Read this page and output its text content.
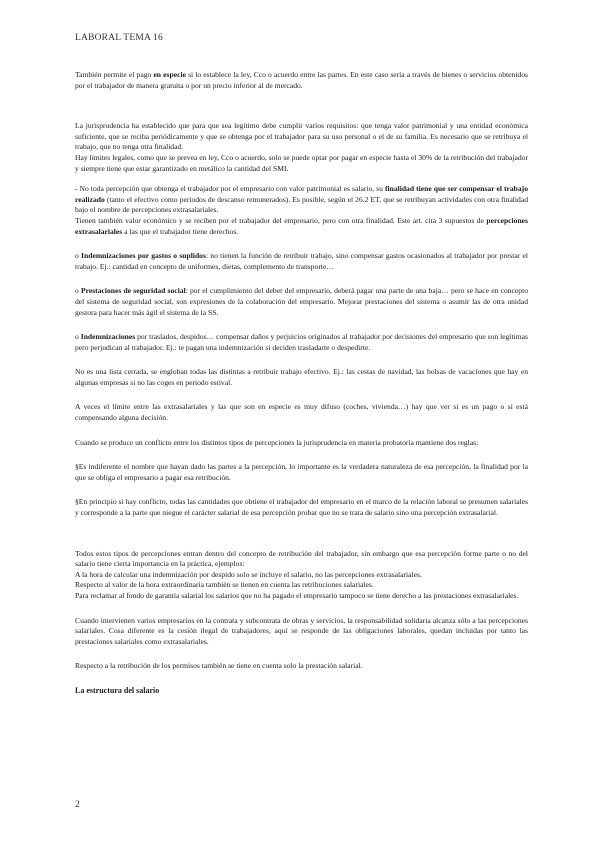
LABORAL TEMA 16

También permite el pago en especie si lo establece la ley, Cco o acuerdo entre las partes. En este caso sería a través de bienes o servicios obtenidos por el trabajador de manera gratuita o por un precio inferior al de mercado.

La jurisprudencia ha establecido que para que sea legítimo debe cumplir varios requisitos: que tenga valor patrimonial y una entidad económica suficiente, que se reciba periódicamente y que se obtenga por el trabajador para su uso personal o el de su familia. Es necesario que se retribuya el trabajo, que no tenga otra finalidad.

Hay límites legales, como que se prevea en ley, Cco o acuerdo, solo se puede optar por pagar en especie hasta el 30% de la retribución del trabajador y siempre tiene que estar garantizado en metálico la cantidad del SMI.

- No toda percepción que obtenga el trabajador por el empresario con valor patrimonial es salario, su finalidad tiene que ser compensar el trabajo realizado (tanto el efectivo como periodos de descanso remunerados). Es posible, según el 26.2 ET, que se retribuyan actividades con otra finalidad bajo el nombre de percepciones extrasalariales.

Tienen también valor económico y se reciben por el trabajador del empresario, pero con otra finalidad. Este art. cita 3 supuestos de percepciones extrasalariales a las que el trabajador tiene derechos.

o Indemnizaciones por gastos o suplidos: no tienen la función de retribuir trabajo, sino compensar gastos ocasionados al trabajador por prestar el trabajo. Ej.: cantidad en concepto de uniformes, dietas, complemento de transporte…

o Prestaciones de seguridad social: por el cumplimiento del deber del empresario, deberá pagar una parte de una baja… pero se hace en concepto del sistema de seguridad social, son expresiones de la colaboración del empresario. Mejorar prestaciones del sistema o asumir las de otra unidad gestora para hacer más ágil el sistema de la SS.

o Indemnizaciones por traslados, despidos… compensar daños y perjuicios originados al trabajador por decisiones del empresario que son legítimas pero perjudican al trabajador. Ej.: te pagan una indemnización si deciden trasladarte o despedirte.

No es una lista cerrada, se engloban todas las distintas a retribuir trabajo efectivo. Ej.: las cestas de navidad, las bolsas de vacaciones que hay en algunas empresas si no las coges en periodo estival.

A veces el límite entre las extrasalariales y las que son en especie es muy difuso (coches, vivienda…) hay que ver si es un pago o si está compensando alguna decisión.

Cuando se produce un conflicto entre los distintos tipos de percepciones la jurisprudencia en materia probatoria mantiene dos reglas:

§Es indiferente el nombre que hayan dado las partes a la percepción, lo importante es la verdadera naturaleza de esa percepción, la finalidad por la que se obliga el empresario a pagar esa retribución.

§En principio si hay conflicto, todas las cantidades que obtiene el trabajador del empresario en el marco de la relación laboral se presumen salariales y corresponde a la parte que niegue el carácter salarial de esa percepción probar que no se trata de salario sino una percepción extrasalarial.

Todos estos tipos de percepciones entran dentro del concepto de retribución del trabajador, sin embargo que esa percepción forme parte o no del salario tiene cierta importancia en la práctica, ejemplos:

A la hora de calcular una indemnización por despido solo se incluye el salario, no las percepciones extrasalariales.

Respecto al valor de la hora extraordinaria también se tienen en cuenta las retribuciones salariales.

Para reclamar al fondo de garantía salarial los salarios que no ha pagado el empresario tampoco se tiene derecho a las prestaciones extrasalariales.

Cuando intervienen varios empresarios en la contrata y subcontrata de obras y servicios, la responsabilidad solidaria alcanza sólo a las percepciones salariales. Cosa diferente es la cesión ilegal de trabajadores, aquí se responde de las obligaciones laborales, quedan incluidas por tanto las prestaciones salariales como extrasalariales.

Respecto a la retribución de los permisos también se tiene en cuenta solo la prestación salarial.

La estructura del salario

2
